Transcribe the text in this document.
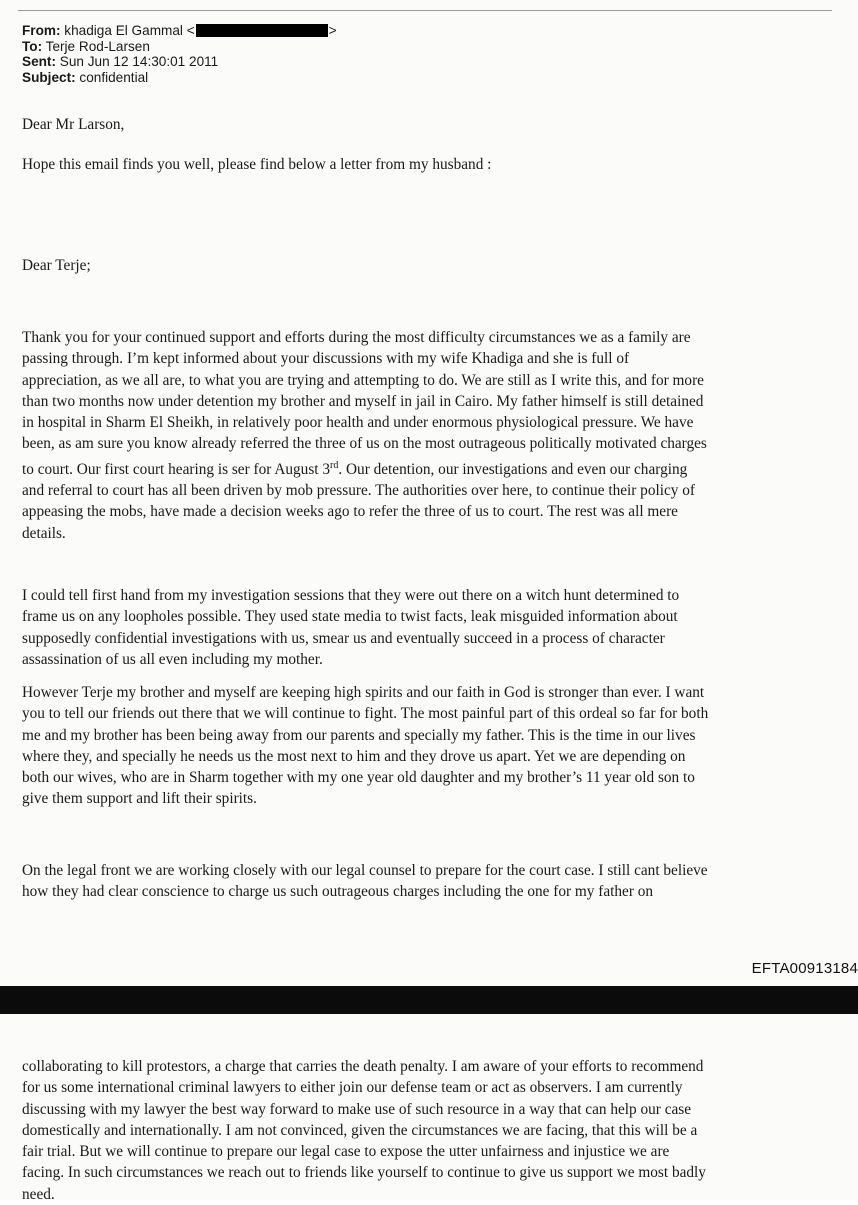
From: khadiga El Gammal <	>
To: Terje Rod-Larsen
Sent: Sun Jun 12 14:30:01 2011
Subject: confidential
Dear Mr Larson,
Hope this email finds you well, please find below a letter from my husband :
Dear Terje;
Thank you for your continued support and efforts during the most difficulty circumstances we as a family are
passing through. I’m kept informed about your discussions with my wife Khadiga and she is full of
appreciation, as we all are, to what you are trying and attempting to do. We are still as I write this, and for more
than two months now under detention my brother and myself in jail in Cairo. My father himself is still detained
in hospital in Sharm El Sheikh, in relatively poor health and under enormous physiological pressure. We have
been, as am sure you know already referred the three of us on the most outrageous politically motivated charges
to court. Our first court hearing is ser for August 3rd. Our detention, our investigations and even our charging
and referral to court has all been driven by mob pressure. The authorities over here, to continue their policy of
appeasing the mobs, have made a decision weeks ago to refer the three of us to court. The rest was all mere
details.
I could tell first hand from my investigation sessions that they were out there on a witch hunt determined to
frame us on any loopholes possible. They used state media to twist facts, leak misguided information about
supposedly confidential investigations with us, smear us and eventually succeed in a process of character
assassination of us all even including my mother.
However Terje my brother and myself are keeping high spirits and our faith in God is stronger than ever. I want
you to tell our friends out there that we will continue to fight. The most painful part of this ordeal so far for both
me and my brother has been being away from our parents and specially my father. This is the time in our lives
where they, and specially he needs us the most next to him and they drove us apart. Yet we are depending on
both our wives, who are in Sharm together with my one year old daughter and my brother’s 11 year old son to
give them support and lift their spirits.
On the legal front we are working closely with our legal counsel to prepare for the court case. I still cant believe
how they had clear conscience to charge us such outrageous charges including the one for my father on
EFTA00913184
collaborating to kill protestors, a charge that carries the death penalty. I am aware of your efforts to recommend
for us some international criminal lawyers to either join our defense team or act as observers. I am currently
discussing with my lawyer the best way forward to make use of such resource in a way that can help our case
domestically and internationally. I am not convinced, given the circumstances we are facing, that this will be a
fair trial. But we will continue to prepare our legal case to expose the utter unfairness and injustice we are
facing. In such circumstances we reach out to friends like yourself to continue to give us support we most badly
need.
